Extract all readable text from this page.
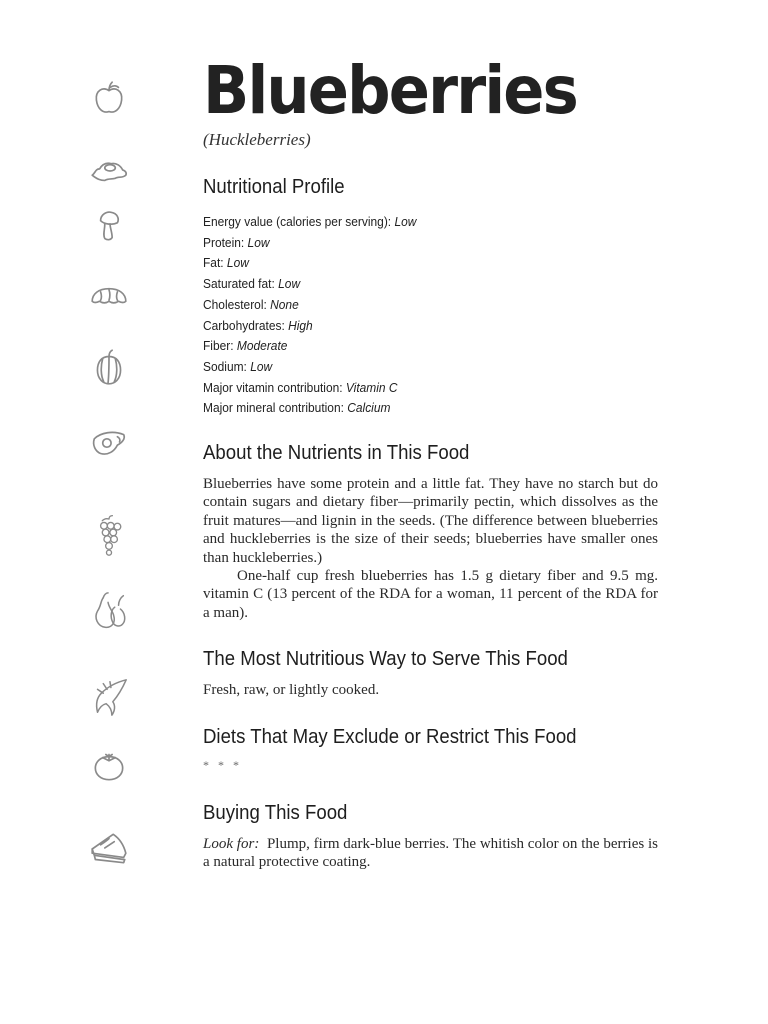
Blueberries
(Huckleberries)
Nutritional Profile
Energy value (calories per serving): Low
Protein: Low
Fat: Low
Saturated fat: Low
Cholesterol: None
Carbohydrates: High
Fiber: Moderate
Sodium: Low
Major vitamin contribution: Vitamin C
Major mineral contribution: Calcium
About the Nutrients in This Food

Blueberries have some protein and a little fat. They have no starch but do contain sugars and dietary fiber—primarily pectin, which dissolves as the fruit matures—and lignin in the seeds. (The difference between blueberries and huckleberries is the size of their seeds; blueberries have smaller ones than huckleberries.)

One-half cup fresh blueberries has 1.5 g dietary fiber and 9.5 mg. vitamin C (13 percent of the RDA for a woman, 11 percent of the RDA for a man).

The Most Nutritious Way to Serve This Food

Fresh, raw, or lightly cooked.

Diets That May Exclude or Restrict This Food
* * *
Buying This Food

Look for: Plump, firm dark-blue berries. The whitish color on the berries is a natural protective coating.
